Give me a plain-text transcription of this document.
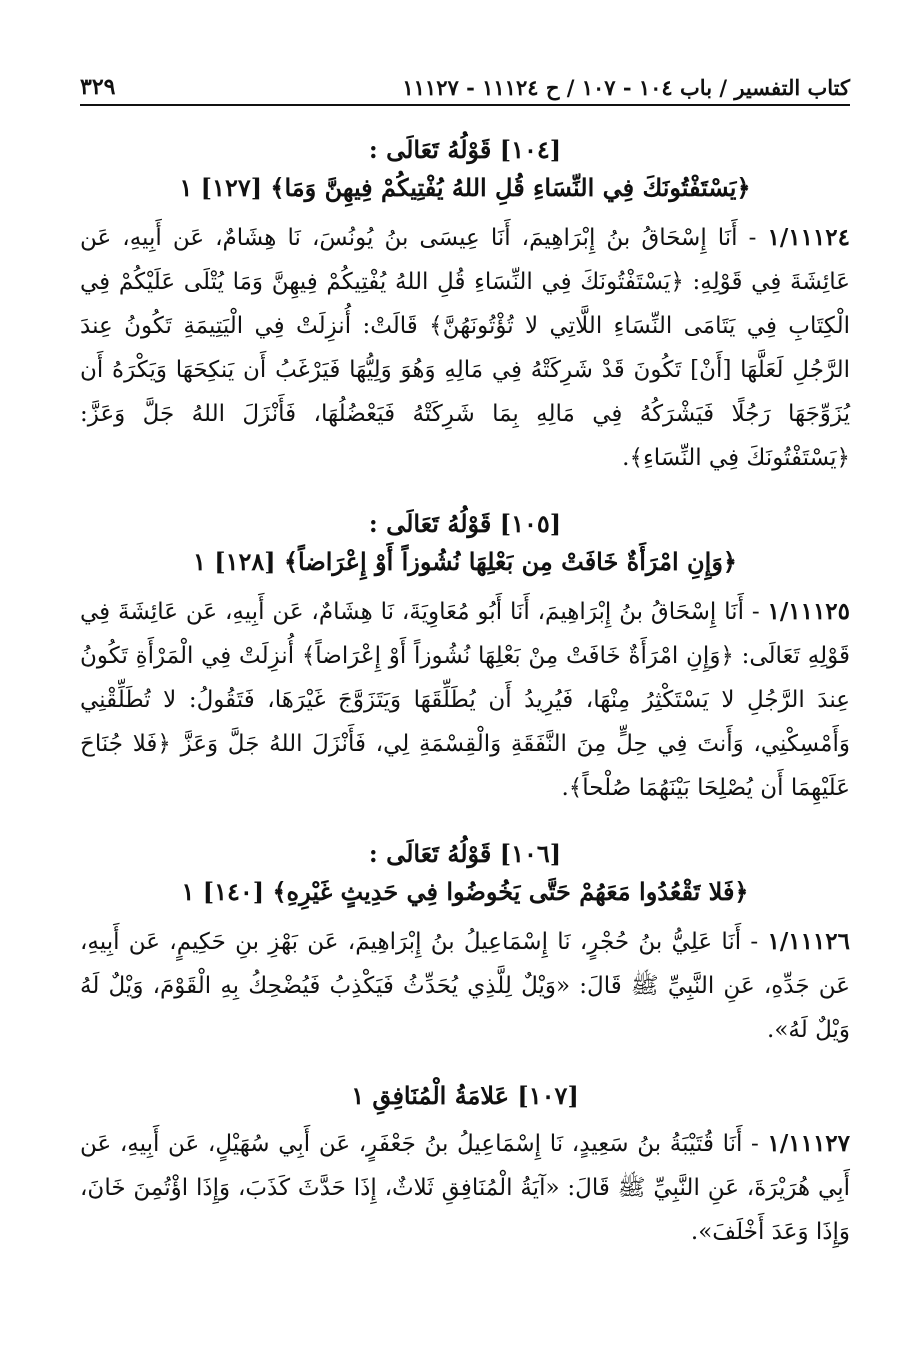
كتاب التفسير / باب ١٠٤ - ١٠٧ / ح ١١١٢٤ - ١١١٢٧
٣٢٩
[١٠٤] قَوْلُهُ تَعَالَى :
﴿يَسْتَفْتُونَكَ فِي النِّسَاءِ قُلِ اللهُ يُفْتِيكُمْ فِيهِنَّ وَمَا﴾ [١٢٧] ١

١/١١١٢٤ - أَنَا إِسْحَاقُ بنُ إِبْرَاهِيمَ، أَنَا عِيسَى بنُ يُونُسَ، نَا هِشَامٌ، عَن أَبِيهِ، عَن عَائِشَةَ فِي قَوْلِهِ: ﴿يَسْتَفْتُونَكَ فِي النِّسَاءِ قُلِ اللهُ يُفْتِيكُمْ فِيهِنَّ وَمَا يُتْلَى عَلَيْكُمْ فِي الْكِتَابِ فِي يَتَامَى النِّسَاءِ اللَّاتِي لا تُؤْتُونَهُنَّ﴾ قَالَتْ: أُنزِلَتْ فِي الْيَتِيمَةِ تَكُونُ عِندَ الرَّجُلِ لَعَلَّهَا [أَنْ] تَكُونَ قَدْ شَرِكَتْهُ فِي مَالِهِ وَهُوَ وَلِيُّهَا فَيَرْغَبُ أَن يَنكِحَهَا وَيَكْرَهُ أَن يُزَوِّجَهَا رَجُلًا فَيَشْرَكُهُ فِي مَالِهِ بِمَا شَرِكَتْهُ فَيَعْضُلُهَا، فَأَنْزَلَ اللهُ جَلَّ وَعَزَّ: ﴿يَسْتَفْتُونَكَ فِي النِّسَاءِ﴾.

[١٠٥] قَوْلُهُ تَعَالَى :
﴿وَإِنِ امْرَأَةٌ خَافَتْ مِن بَعْلِهَا نُشُوزاً أَوْ إِعْرَاضاً﴾ [١٢٨] ١

١/١١١٢٥ - أَنَا إِسْحَاقُ بنُ إِبْرَاهِيمَ، أَنَا أَبُو مُعَاوِيَةَ، نَا هِشَامٌ، عَن أَبِيهِ، عَن عَائِشَةَ فِي قَوْلِهِ تَعَالَى: ﴿وَإِنِ امْرَأَةٌ خَافَتْ مِنْ بَعْلِهَا نُشُوزاً أَوْ إِعْرَاضاً﴾ أُنزِلَتْ فِي الْمَرْأَةِ تَكُونُ عِندَ الرَّجُلِ لا يَسْتَكْثِرُ مِنْهَا، فَيُرِيدُ أَن يُطَلِّقَهَا وَيَتَزَوَّجَ غَيْرَهَا، فَتَقُولُ: لا تُطَلِّقْنِي وَأَمْسِكْنِي، وَأَنتَ فِي حِلٍّ مِنَ النَّفَقَةِ وَالْقِسْمَةِ لِي، فَأَنْزَلَ اللهُ جَلَّ وَعَزَّ ﴿فَلا جُنَاحَ عَلَيْهِمَا أَن يُصْلِحَا بَيْنَهُمَا صُلْحاً﴾.

[١٠٦] قَوْلُهُ تَعَالَى :
﴿فَلا تَقْعُدُوا مَعَهُمْ حَتَّى يَخُوضُوا فِي حَدِيثٍ غَيْرِهِ﴾ [١٤٠] ١

١/١١١٢٦ - أَنَا عَلِيُّ بنُ حُجْرٍ، نَا إِسْمَاعِيلُ بنُ إِبْرَاهِيمَ، عَن بَهْزِ بنِ حَكِيمٍ، عَن أَبِيهِ، عَن جَدِّهِ، عَنِ النَّبِيِّ ﷺ قَالَ: «وَيْلٌ لِلَّذِي يُحَدِّثُ فَيَكْذِبُ فَيُضْحِكُ بِهِ الْقَوْمَ، وَيْلٌ لَهُ وَيْلٌ لَهُ».

[١٠٧] عَلامَةُ الْمُنَافِقِ ١

١/١١١٢٧ - أَنَا قُتَيْبَةُ بنُ سَعِيدٍ، نَا إِسْمَاعِيلُ بنُ جَعْفَرٍ، عَن أَبِي سُهَيْلٍ، عَن أَبِيهِ، عَن أَبِي هُرَيْرَةَ، عَنِ النَّبِيِّ ﷺ قَالَ: «آيَةُ الْمُنَافِقِ ثَلاثٌ، إِذَا حَدَّثَ كَذَبَ، وَإِذَا اؤْتُمِنَ خَانَ، وَإِذَا وَعَدَ أَخْلَفَ».
